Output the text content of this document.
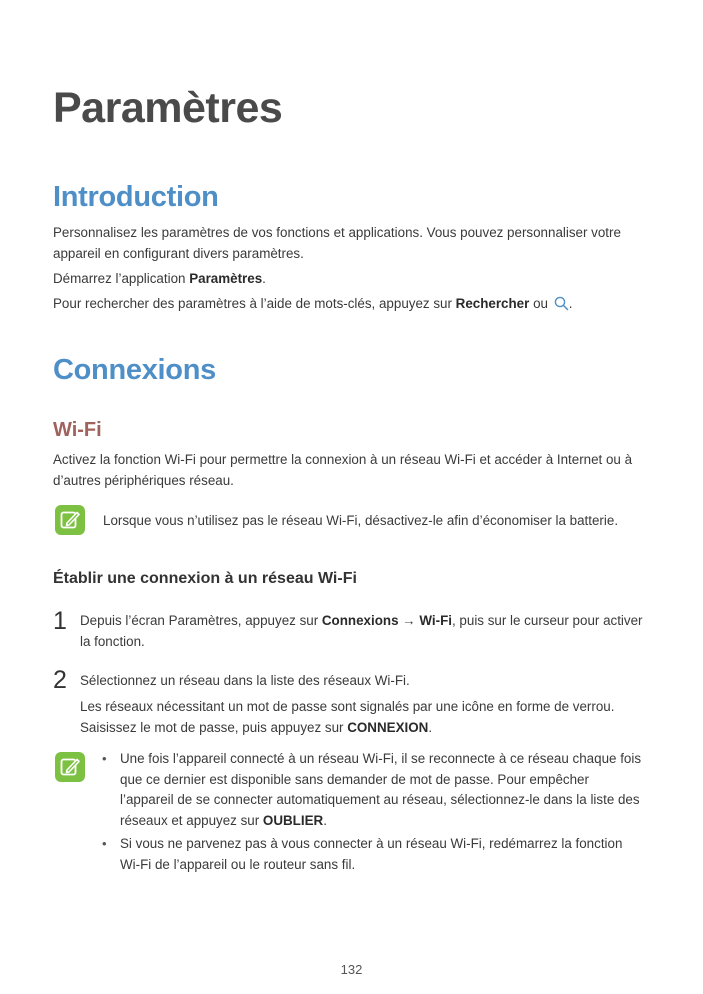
Paramètres
Introduction

Personnalisez les paramètres de vos fonctions et applications. Vous pouvez personnaliser votre appareil en configurant divers paramètres.

Démarrez l’application Paramètres.

Pour rechercher des paramètres à l’aide de mots-clés, appuyez sur Rechercher ou .

Connexions
Wi-Fi

Activez la fonction Wi-Fi pour permettre la connexion à un réseau Wi-Fi et accéder à Internet ou à d’autres périphériques réseau.

Lorsque vous n’utilisez pas le réseau Wi-Fi, désactivez-le afin d’économiser la batterie.

Établir une connexion à un réseau Wi-Fi
1 Depuis l’écran Paramètres, appuyez sur Connexions → Wi-Fi, puis sur le curseur pour activer la fonction.

2 Sélectionnez un réseau dans la liste des réseaux Wi-Fi.

Les réseaux nécessitant un mot de passe sont signalés par une icône en forme de verrou. Saisissez le mot de passe, puis appuyez sur CONNEXION.

• Une fois l’appareil connecté à un réseau Wi-Fi, il se reconnecte à ce réseau chaque fois que ce dernier est disponible sans demander de mot de passe. Pour empêcher l’appareil de se connecter automatiquement au réseau, sélectionnez-le dans la liste des réseaux et appuyez sur OUBLIER.

• Si vous ne parvenez pas à vous connecter à un réseau Wi-Fi, redémarrez la fonction Wi-Fi de l’appareil ou le routeur sans fil.

132
